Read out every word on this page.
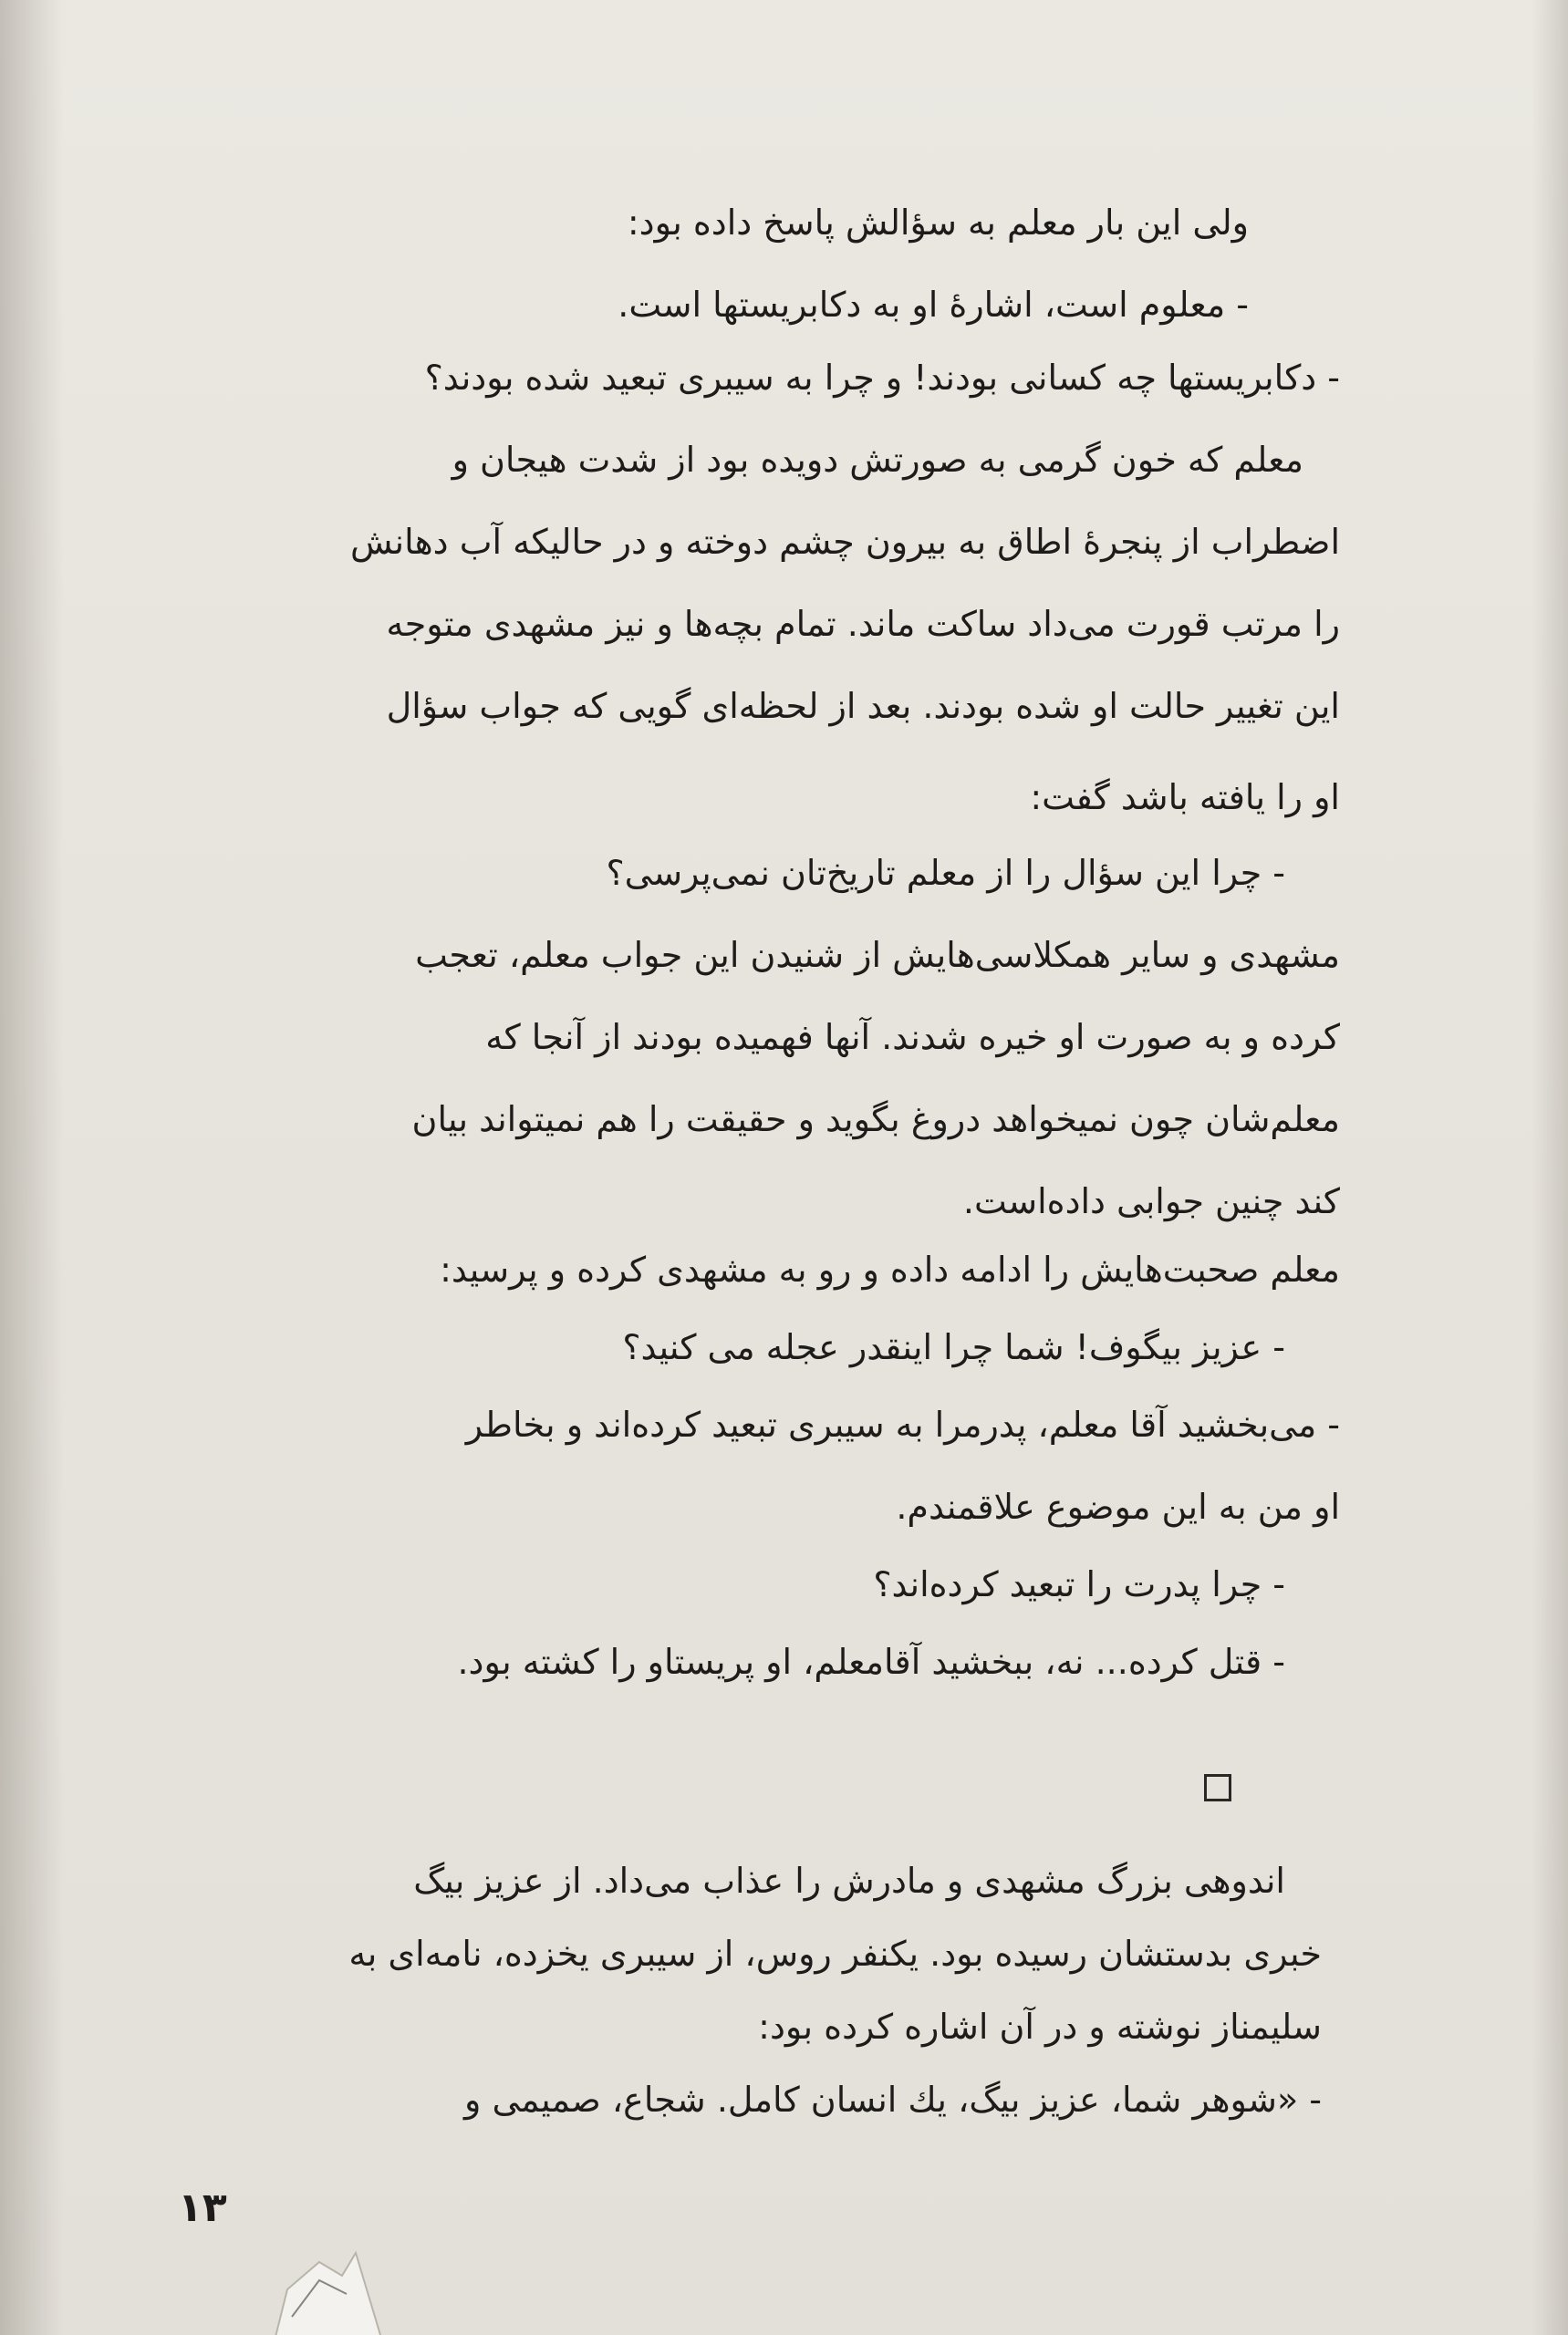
ولی این بار معلم به سؤالش پاسخ داده بود:
- معلوم است، اشارهٔ او به دکابریستها است.
- دکابریستها چه کسانی بودند! و چرا به سیبری تبعید شده بودند؟
معلم که خون گرمی به صورتش دویده بود از شدت هیجان و
اضطراب از پنجرهٔ اطاق به بیرون چشم دوخته و در حالیکه آب دهانش
را مرتب قورت می‌داد ساکت ماند. تمام بچه‌ها و نیز مشهدی متوجه
این تغییر حالت او شده بودند. بعد از لحظه‌ای گویی که جواب سؤال
او را یافته باشد گفت:
- چرا این سؤال را از معلم تاریخ‌تان نمی‌پرسی؟
مشهدی و سایر همکلاسی‌هایش از شنیدن این جواب معلم، تعجب
کرده و به صورت او خیره شدند. آنها فهمیده بودند از آنجا که
معلم‌شان چون نمیخواهد دروغ بگوید و حقیقت را هم نمیتواند بیان
کند چنین جوابی داده‌است.
معلم صحبت‌هایش را ادامه داده و رو به مشهدی کرده و پرسید:
- عزیز بیگوف! شما چرا اینقدر عجله می کنید؟
- می‌بخشید آقا معلم، پدرمرا به سیبری تبعید کرده‌اند و بخاطر
او من به این موضوع علاقمندم.
- چرا پدرت را تبعید کرده‌اند؟
- قتل کرده... نه، ببخشید آقامعلم، او پریستاو را کشته بود.
اندوهی بزرگ مشهدی و مادرش را عذاب می‌داد. از عزیز بیگ
خبری بدستشان رسیده بود. یکنفر روس، از سیبری یخزده، نامه‌ای به
سلیمناز نوشته و در آن اشاره کرده بود:
- «شوهر شما، عزیز بیگ، یك انسان کامل. شجاع، صمیمی و
۱۳
